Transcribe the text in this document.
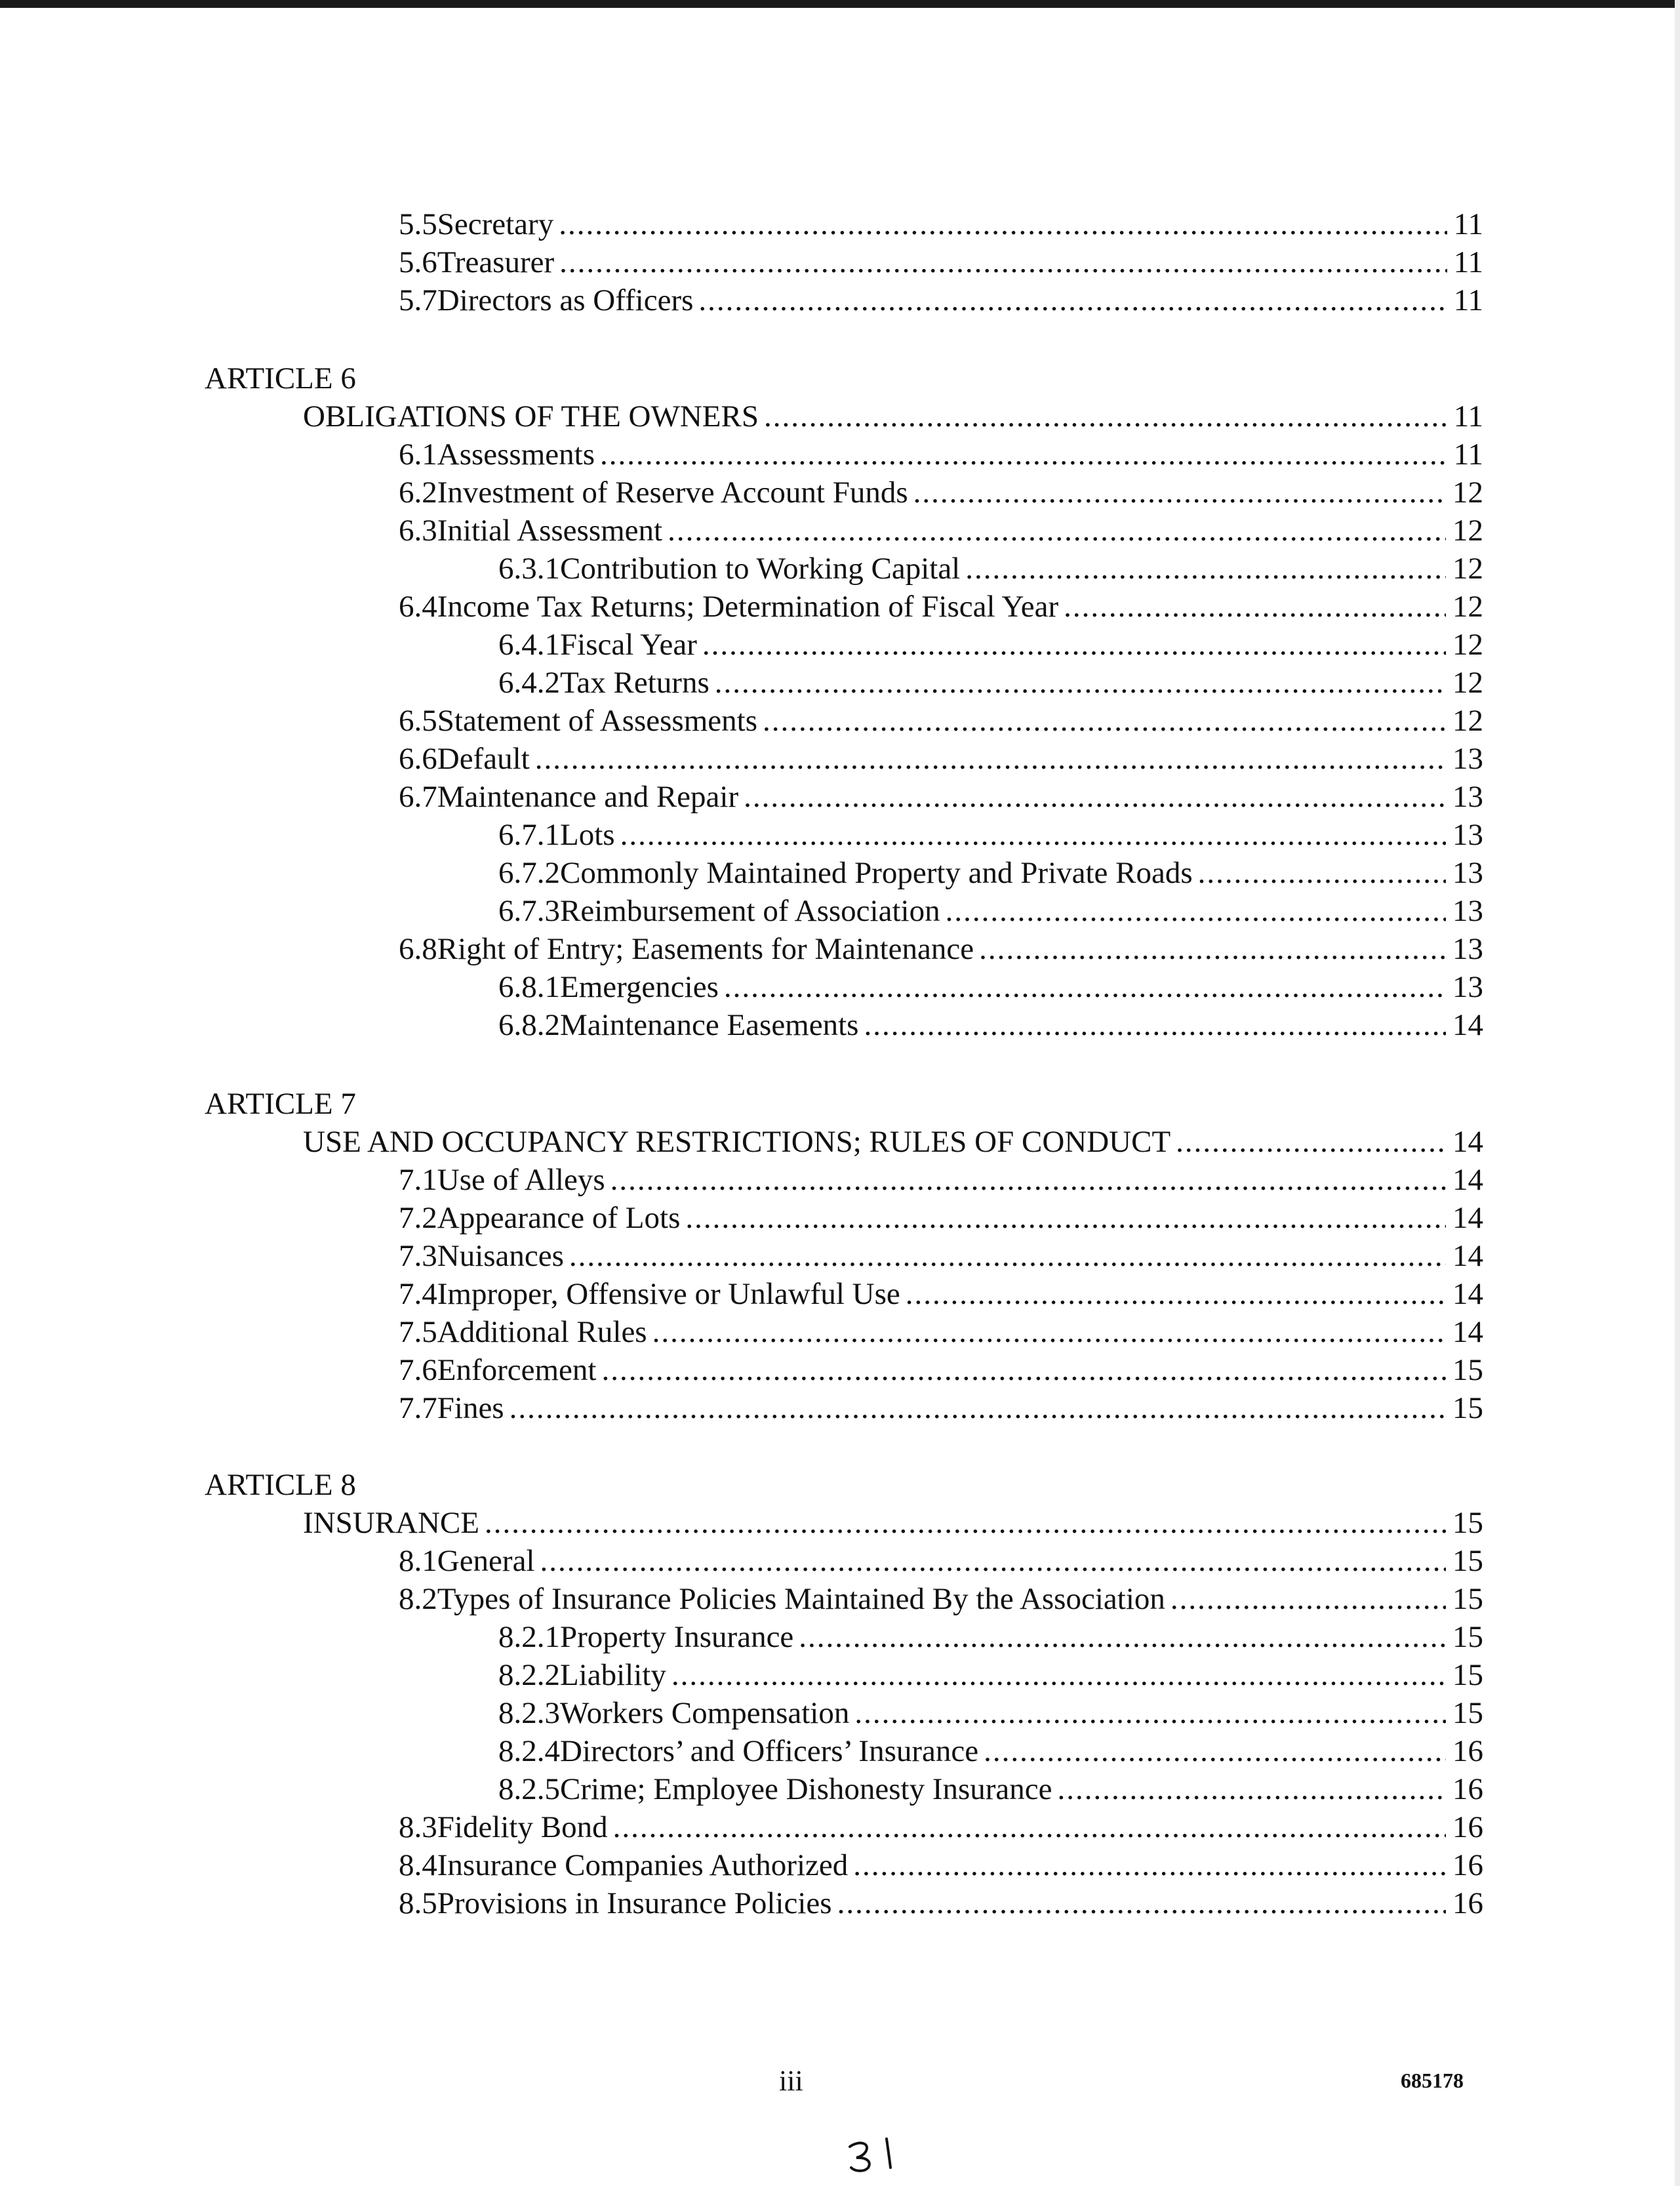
5.5 Secretary .....	11
5.6 Treasurer .....	11
5.7 Directors as Officers .....	11
ARTICLE 6
OBLIGATIONS OF THE OWNERS .....	11
6.1 Assessments .....	11
6.2 Investment of Reserve Account Funds .....	12
6.3 Initial Assessment .....	12
6.3.1 Contribution to Working Capital .....	12
6.4 Income Tax Returns; Determination of Fiscal Year .....	12
6.4.1 Fiscal Year .....	12
6.4.2 Tax Returns .....	12
6.5 Statement of Assessments .....	12
6.6 Default .....	13
6.7 Maintenance and Repair .....	13
6.7.1 Lots .....	13
6.7.2 Commonly Maintained Property and Private Roads .....	13
6.7.3 Reimbursement of Association .....	13
6.8 Right of Entry; Easements for Maintenance .....	13
6.8.1 Emergencies .....	13
6.8.2 Maintenance Easements .....	14
ARTICLE 7
USE AND OCCUPANCY RESTRICTIONS; RULES OF CONDUCT .....	14
7.1 Use of Alleys .....	14
7.2 Appearance of Lots .....	14
7.3 Nuisances .....	14
7.4 Improper, Offensive or Unlawful Use .....	14
7.5 Additional Rules .....	14
7.6 Enforcement .....	15
7.7 Fines .....	15
ARTICLE 8
INSURANCE .....	15
8.1 General .....	15
8.2 Types of Insurance Policies Maintained By the Association .....	15
8.2.1 Property Insurance .....	15
8.2.2 Liability .....	15
8.2.3 Workers Compensation .....	15
8.2.4 Directors’ and Officers’ Insurance .....	16
8.2.5 Crime; Employee Dishonesty Insurance .....	16
8.3 Fidelity Bond .....	16
8.4 Insurance Companies Authorized .....	16
8.5 Provisions in Insurance Policies .....	16
iii	685178
